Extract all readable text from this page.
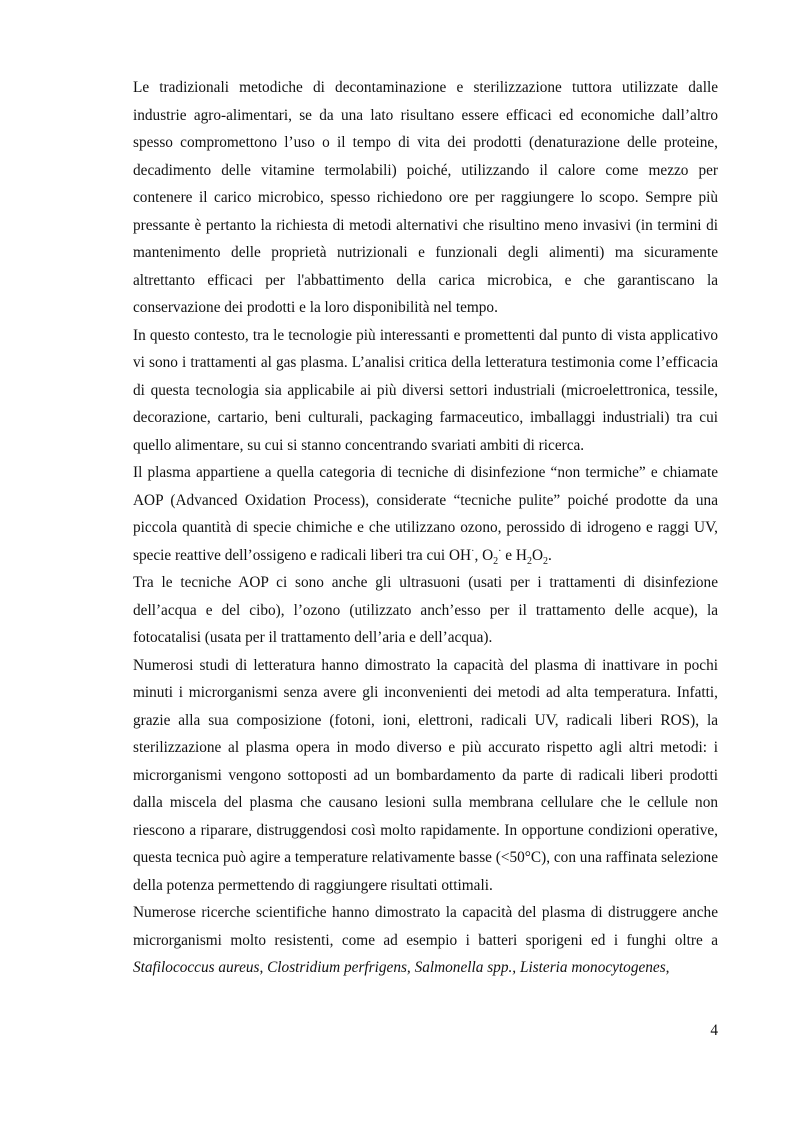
Le tradizionali metodiche di decontaminazione e sterilizzazione tuttora utilizzate dalle industrie agro-alimentari, se da una lato risultano essere efficaci ed economiche dall’altro spesso compromettono l’uso o il tempo di vita dei prodotti (denaturazione delle proteine, decadimento delle vitamine termolabili) poiché, utilizzando il calore come mezzo per contenere il carico microbico, spesso richiedono ore per raggiungere lo scopo. Sempre più pressante è pertanto la richiesta di metodi alternativi che risultino meno invasivi (in termini di mantenimento delle proprietà nutrizionali e funzionali degli alimenti) ma sicuramente altrettanto efficaci per l'abbattimento della carica microbica, e che garantiscano la conservazione dei prodotti e la loro disponibilità nel tempo.

In questo contesto, tra le tecnologie più interessanti e promettenti dal punto di vista applicativo vi sono i trattamenti al gas plasma. L’analisi critica della letteratura testimonia come l’efficacia di questa tecnologia sia applicabile ai più diversi settori industriali (microelettronica, tessile, decorazione, cartario, beni culturali, packaging farmaceutico, imballaggi industriali) tra cui quello alimentare, su cui si stanno concentrando svariati ambiti di ricerca.

Il plasma appartiene a quella categoria di tecniche di disinfezione “non termiche” e chiamate AOP (Advanced Oxidation Process), considerate “tecniche pulite” poiché prodotte da una piccola quantità di specie chimiche e che utilizzano ozono, perossido di idrogeno e raggi UV, specie reattive dell’ossigeno e radicali liberi tra cui OH·, $O_2^\cdot$ e $H_2O_2$.

Tra le tecniche AOP ci sono anche gli ultrasuoni (usati per i trattamenti di disinfezione dell’acqua e del cibo), l’ozono (utilizzato anch’esso per il trattamento delle acque), la fotocatalisi (usata per il trattamento dell’aria e dell’acqua).

Numerosi studi di letteratura hanno dimostrato la capacità del plasma di inattivare in pochi minuti i microrganismi senza avere gli inconvenienti dei metodi ad alta temperatura. Infatti, grazie alla sua composizione (fotoni, ioni, elettroni, radicali UV, radicali liberi ROS), la sterilizzazione al plasma opera in modo diverso e più accurato rispetto agli altri metodi: i microrganismi vengono sottoposti ad un bombardamento da parte di radicali liberi prodotti dalla miscela del plasma che causano lesioni sulla membrana cellulare che le cellule non riescono a riparare, distruggendosi così molto rapidamente. In opportune condizioni operative, questa tecnica può agire a temperature relativamente basse (<50°C), con una raffinata selezione della potenza permettendo di raggiungere risultati ottimali.

Numerose ricerche scientifiche hanno dimostrato la capacità del plasma di distruggere anche microrganismi molto resistenti, come ad esempio i batteri sporigeni ed i funghi oltre a Stafilococcus aureus, Clostridium perfrigens, Salmonella spp., Listeria monocytogenes,

4
